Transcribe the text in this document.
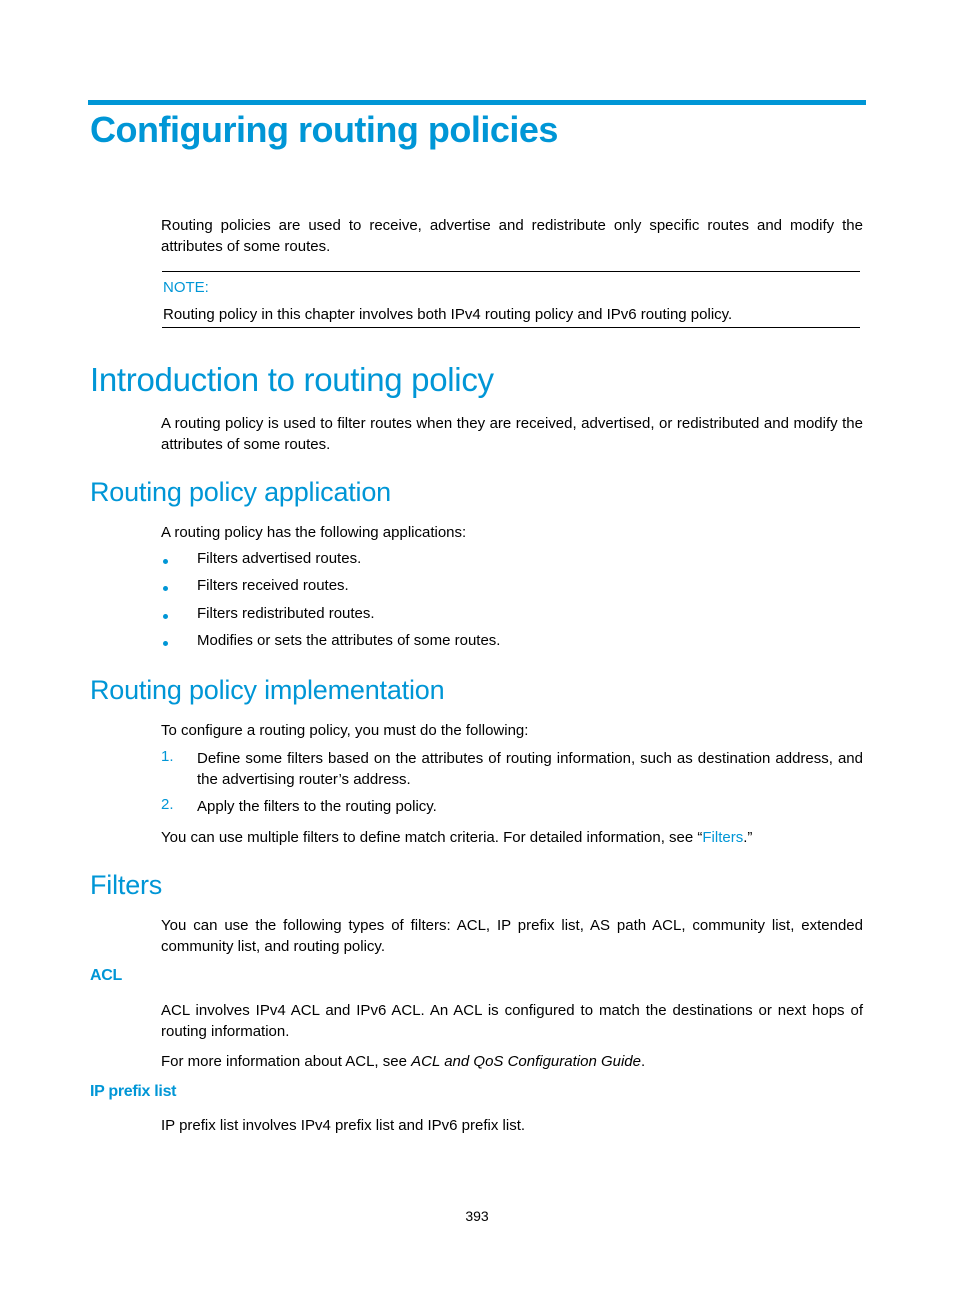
Configuring routing policies
Routing policies are used to receive, advertise and redistribute only specific routes and modify the attributes of some routes.
NOTE:
Routing policy in this chapter involves both IPv4 routing policy and IPv6 routing policy.
Introduction to routing policy
A routing policy is used to filter routes when they are received, advertised, or redistributed and modify the attributes of some routes.
Routing policy application
A routing policy has the following applications:
Filters advertised routes.
Filters received routes.
Filters redistributed routes.
Modifies or sets the attributes of some routes.
Routing policy implementation
To configure a routing policy, you must do the following:
1. Define some filters based on the attributes of routing information, such as destination address, and the advertising router’s address.
2. Apply the filters to the routing policy.
You can use multiple filters to define match criteria. For detailed information, see “Filters.”
Filters
You can use the following types of filters: ACL, IP prefix list, AS path ACL, community list, extended community list, and routing policy.
ACL
ACL involves IPv4 ACL and IPv6 ACL. An ACL is configured to match the destinations or next hops of routing information.
For more information about ACL, see ACL and QoS Configuration Guide.
IP prefix list
IP prefix list involves IPv4 prefix list and IPv6 prefix list.
393
